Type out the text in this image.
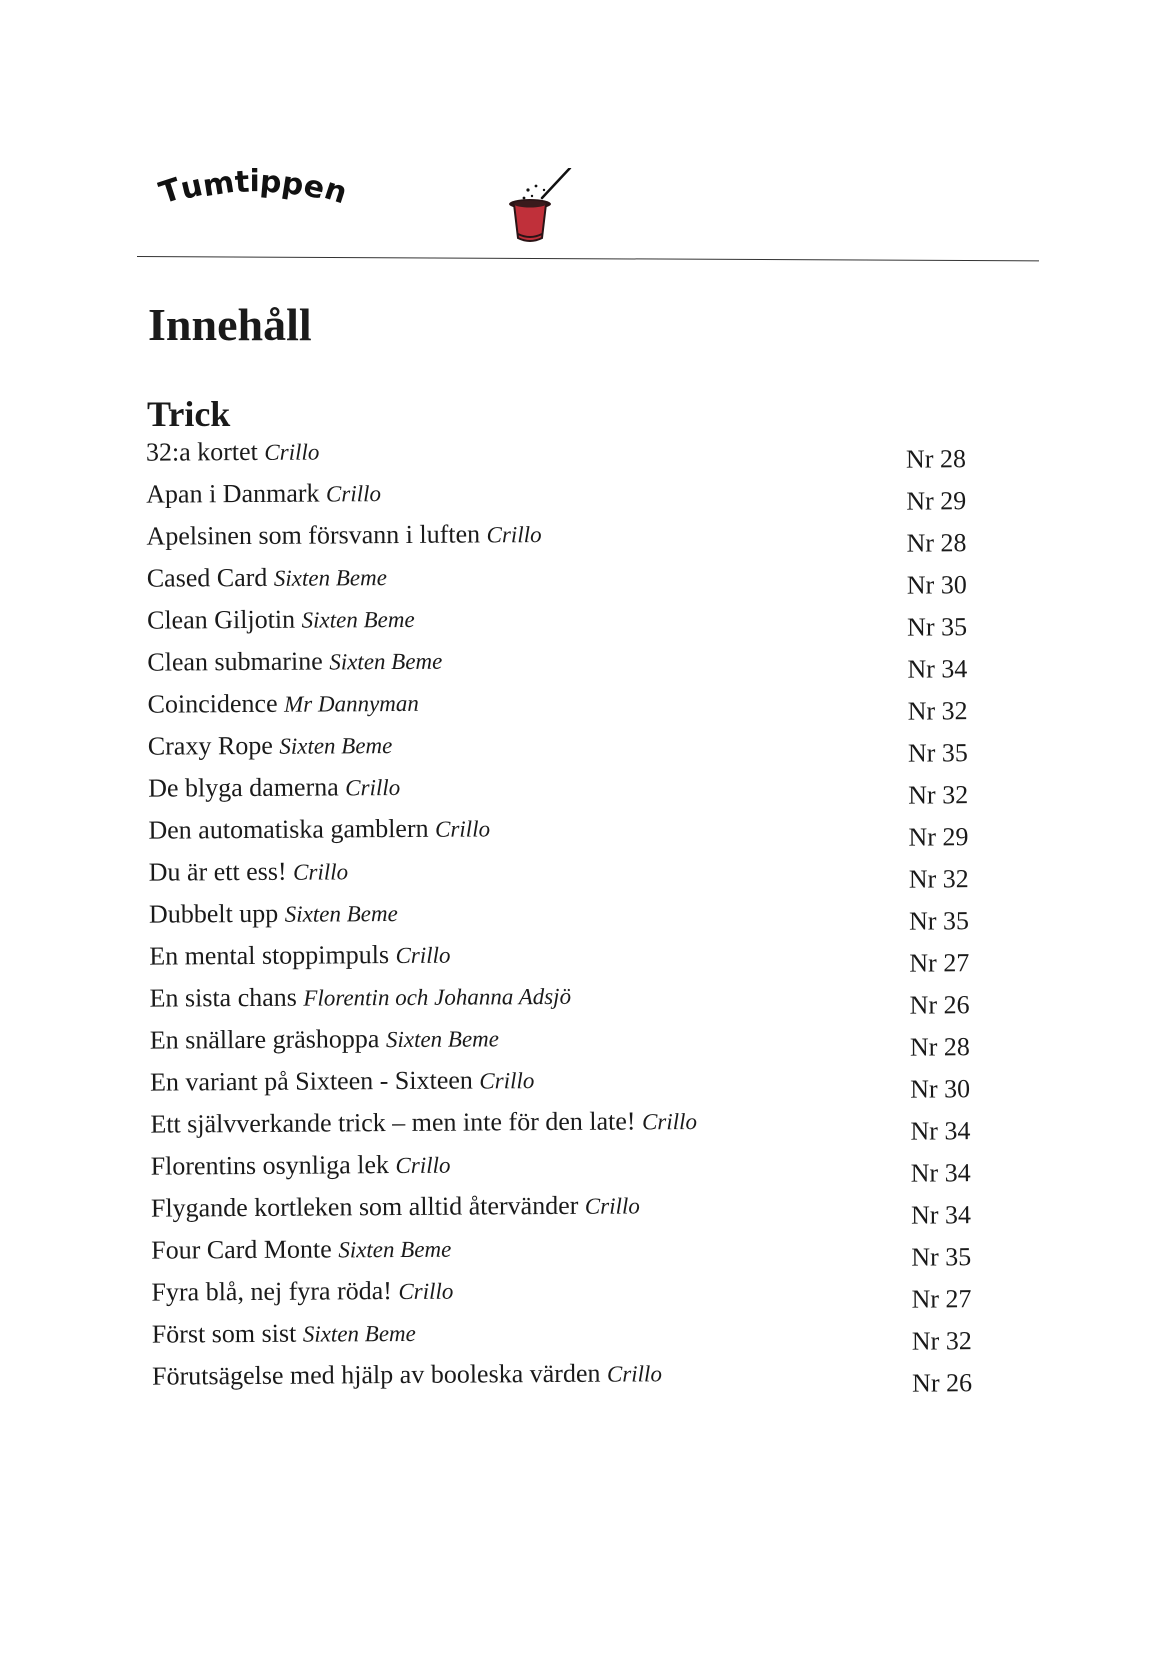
Tumtippen
Innehåll
Trick
32:a kortet Crillo	Nr 28
Apan i Danmark Crillo	Nr 29
Apelsinen som försvann i luften Crillo	Nr 28
Cased Card Sixten Beme	Nr 30
Clean Giljotin Sixten Beme	Nr 35
Clean submarine Sixten Beme	Nr 34
Coincidence Mr Dannyman	Nr 32
Craxy Rope Sixten Beme	Nr 35
De blyga damerna Crillo	Nr 32
Den automatiska gamblern Crillo	Nr 29
Du är ett ess! Crillo	Nr 32
Dubbelt upp Sixten Beme	Nr 35
En mental stoppimpuls Crillo	Nr 27
En sista chans Florentin och Johanna Adsjö	Nr 26
En snällare gräshoppa Sixten Beme	Nr 28
En variant på Sixteen - Sixteen Crillo	Nr 30
Ett självverkande trick – men inte för den late! Crillo	Nr 34
Florentins osynliga lek Crillo	Nr 34
Flygande kortleken som alltid återvänder Crillo	Nr 34
Four Card Monte Sixten Beme	Nr 35
Fyra blå, nej fyra röda! Crillo	Nr 27
Först som sist Sixten Beme	Nr 32
Förutsägelse med hjälp av booleska värden Crillo	Nr 26
